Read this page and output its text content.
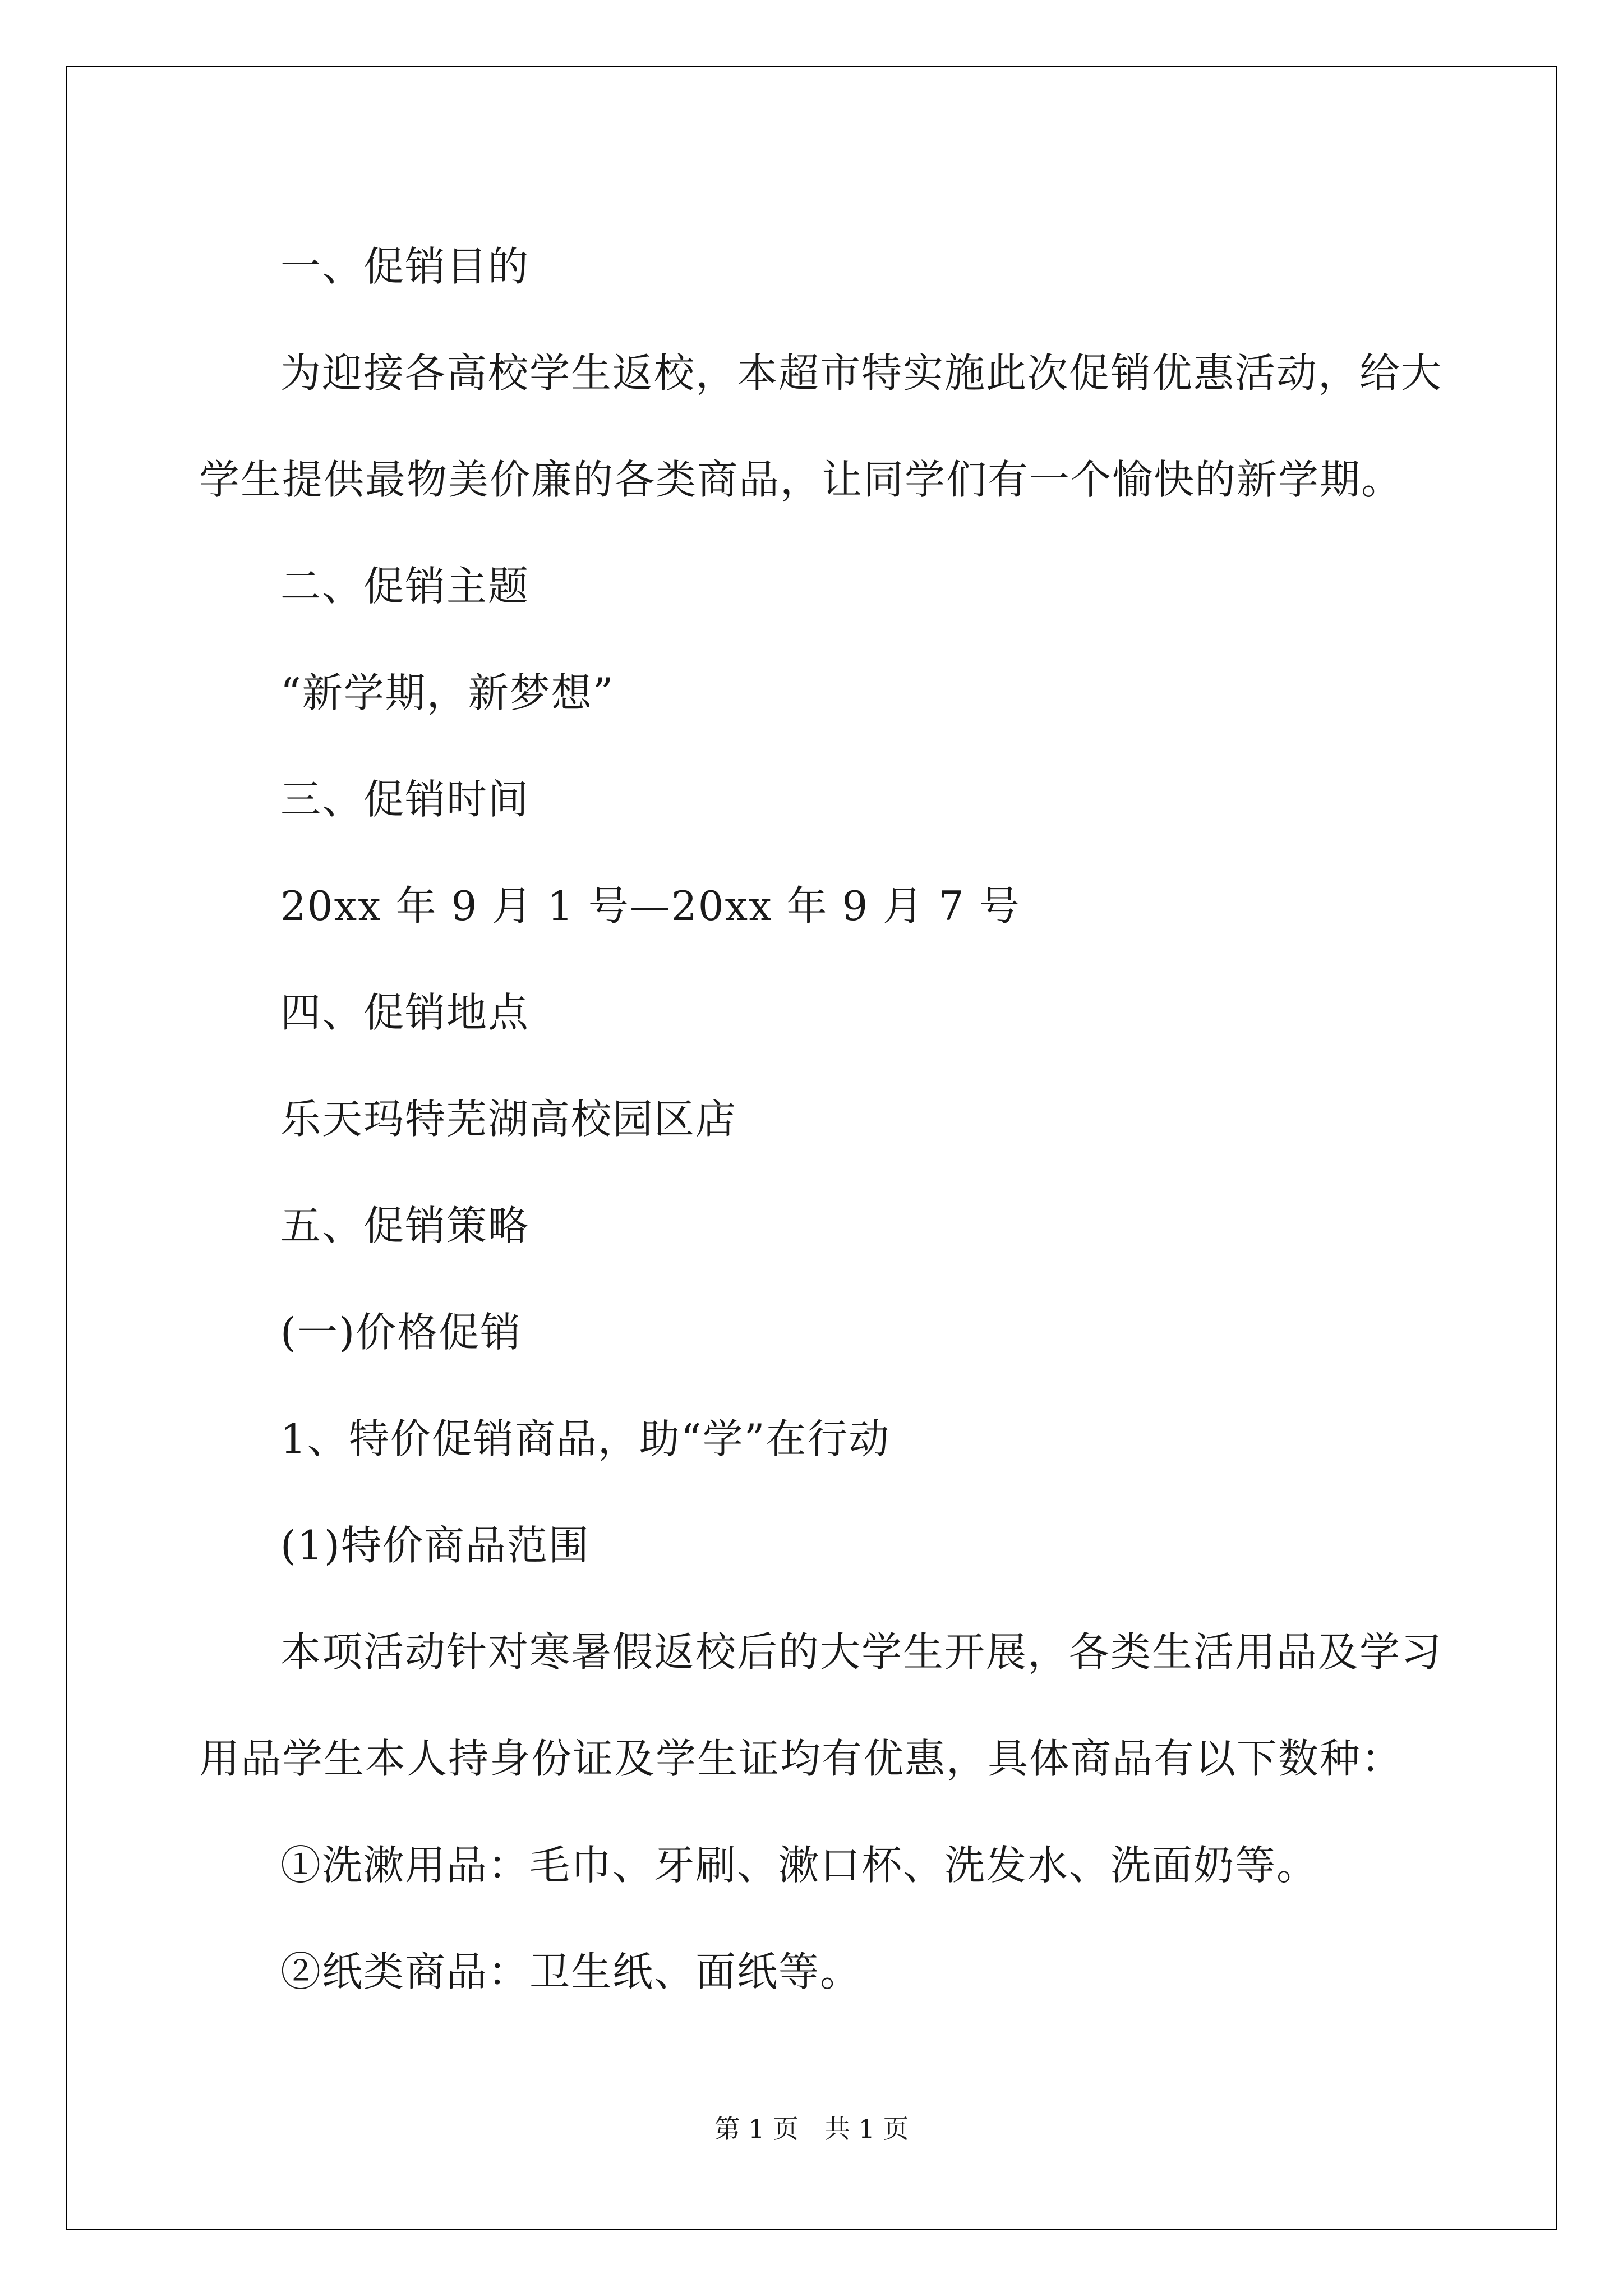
一、促销目的

为迎接各高校学生返校，本超市特实施此次促销优惠活动，给大

学生提供最物美价廉的各类商品，让同学们有一个愉快的新学期。

二、促销主题

“新学期，新梦想”

三、促销时间

20xx 年 9 月 1 号—20xx 年 9 月 7 号

四、促销地点

乐天玛特芜湖高校园区店

五、促销策略

(一)价格促销

1、特价促销商品，助“学”在行动

(1)特价商品范围

本项活动针对寒暑假返校后的大学生开展，各类生活用品及学习

用品学生本人持身份证及学生证均有优惠，具体商品有以下数种：

①洗漱用品：毛巾、牙刷、漱口杯、洗发水、洗面奶等。

②纸类商品：卫生纸、面纸等。

第 1 页　共 1 页
